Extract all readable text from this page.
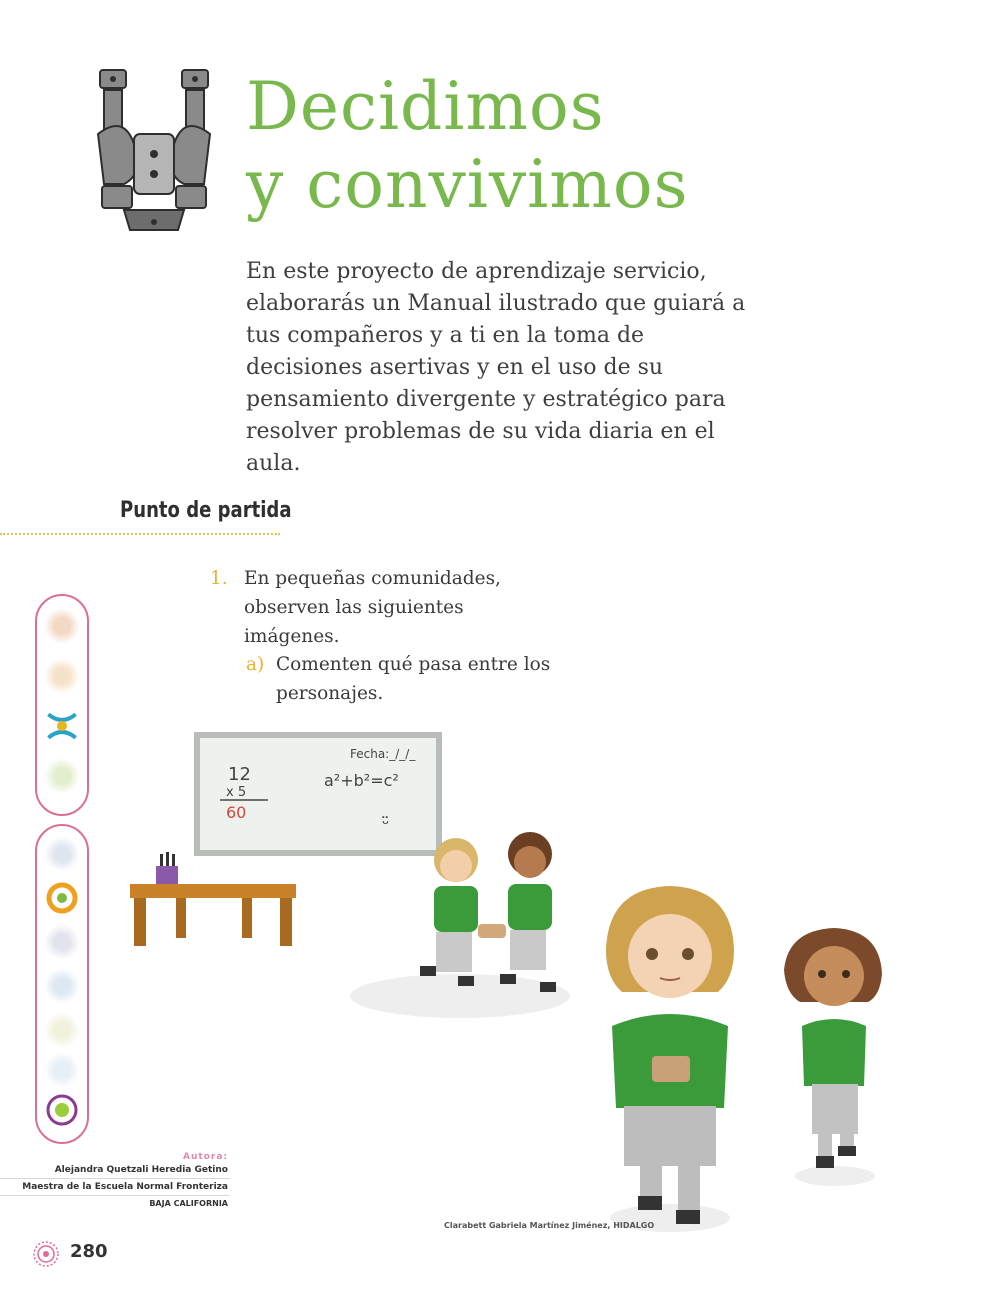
Decidimos
y convivimos

En este proyecto de aprendizaje servicio, elaborarás un Manual ilustrado que guiará a tus compañeros y a ti en la toma de decisiones asertivas y en el uso de su pensamiento divergente y estratégico para resolver problemas de su vida diaria en el aula.

Punto de partida
1. En pequeñas comunidades, observen las siguientes imágenes.
a) Comenten qué pasa entre los personajes.
Fecha:_/_/_
12
x 5
60
a²+b²=c²
ᵕ̈
Autora:
Alejandra Quetzali Heredia Getino
Maestra de la Escuela Normal Fronteriza
BAJA CALIFORNIA
Clarabett Gabriela Martínez Jiménez, HIDALGO
280
